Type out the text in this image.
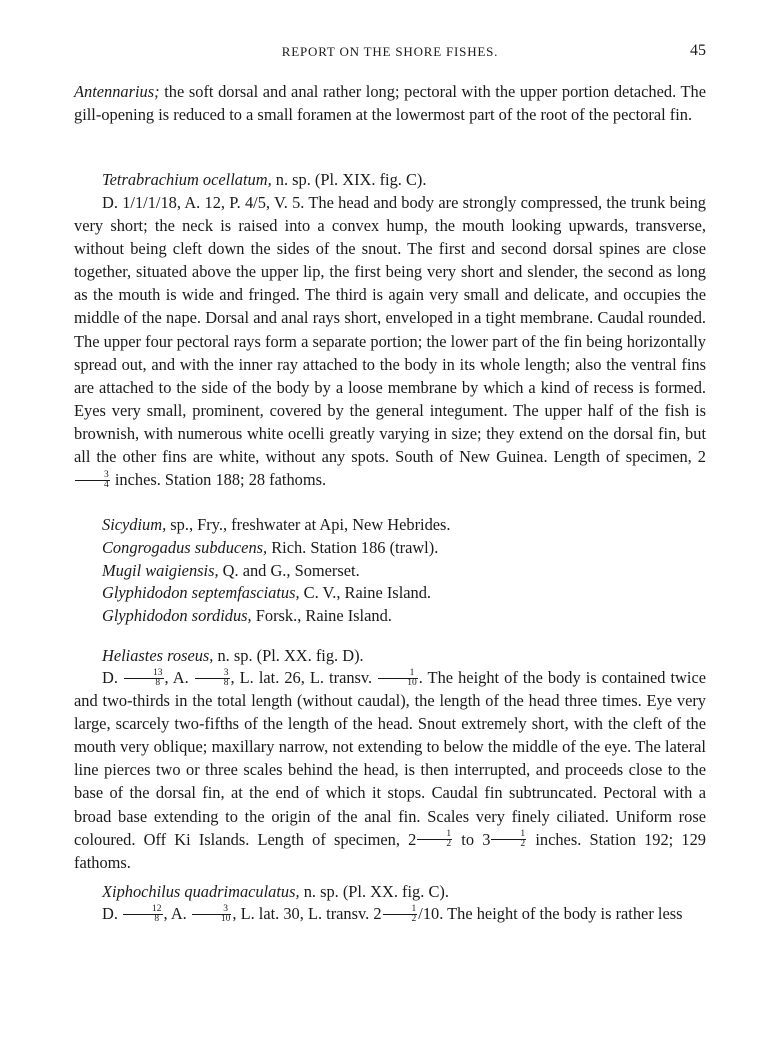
REPORT ON THE SHORE FISHES.	45

Antennarius; the soft dorsal and anal rather long; pectoral with the upper portion detached. The gill-opening is reduced to a small foramen at the lowermost part of the root of the pectoral fin.

Tetrabrachium ocellatum, n. sp. (Pl. XIX. fig. C).

D. 1/1/1/18, A. 12, P. 4/5, V. 5. The head and body are strongly compressed, the trunk being very short; the neck is raised into a convex hump, the mouth looking upwards, transverse, without being cleft down the sides of the snout. The first and second dorsal spines are close together, situated above the upper lip, the first being very short and slender, the second as long as the mouth is wide and fringed. The third is again very small and delicate, and occupies the middle of the nape. Dorsal and anal rays short, enveloped in a tight membrane. Caudal rounded. The upper four pectoral rays form a separate portion; the lower part of the fin being horizontally spread out, and with the inner ray attached to the body in its whole length; also the ventral fins are attached to the side of the body by a loose membrane by which a kind of recess is formed. Eyes very small, prominent, covered by the general integument. The upper half of the fish is brownish, with numerous white ocelli greatly varying in size; they extend on the dorsal fin, but all the other fins are white, without any spots. South of New Guinea. Length of specimen, 2
$\frac{3}{4}$ inches. Station 188; 28 fathoms.

Sicydium, sp., Fry., freshwater at Api, New Hebrides.
Congrogadus subducens, Rich. Station 186 (trawl).
Mugil waigiensis, Q. and G., Somerset.
Glyphidodon septemfasciatus, C. V., Raine Island.
Glyphidodon sordidus, Forsk., Raine Island.
Heliastes roseus, n. sp. (Pl. XX. fig. D).

D. $\frac{13}{8}$ , A. $\frac{3}{8}$ , L. lat. 26, L. transv. $\frac{1}{10}$ . The height of the body is contained twice and two-thirds in the total length (without caudal), the length of the head three times. Eye very large, scarcely two-fifths of the length of the head. Snout extremely short, with the cleft of the mouth very oblique; maxillary narrow, not extending to below the middle of the eye. The lateral line pierces two or three scales behind the head, is then interrupted, and proceeds close to the base of the dorsal fin, at the end of which it stops. Caudal fin subtruncated. Pectoral with a broad base extending to the origin of the anal fin. Scales very finely ciliated. Uniform rose coloured. Off Ki Islands. Length of specimen, $2 \frac{1}{2}$ to $3 \frac{1}{2}$ inches. Station 192; 129 fathoms.

Xiphochilus quadrimaculatus, n. sp. (Pl. XX. fig. C).

D. $\frac{12}{8}$ , A. $\frac{3}{10}$ , L. lat. 30, L. transv. $2 \frac{1}{2} /10$. The height of the body is rather less
